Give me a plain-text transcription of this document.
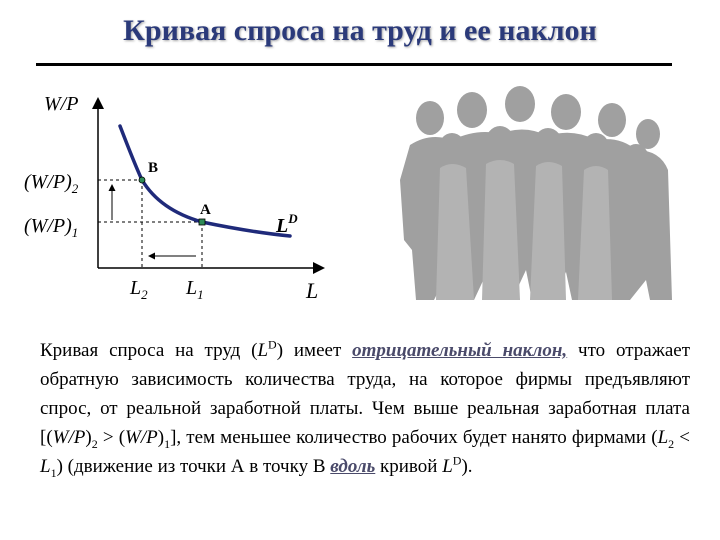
Кривая спроса на труд и ее наклон
W/P
$(W/P)_2$
$(W/P)_1$
$L_2$ $L_1$	L
B
A
$L^D$
Кривая спроса на труд $(L^D)$ имеет отрицательный наклон, что отражает обратную зависимость количества труда, на которое фирмы предъявляют спрос, от реальной заработной платы. Чем выше реальная заработная плата $[(W/P)_2 > (W/P)_1]$, тем меньшее количество рабочих будет нанято фирмами $(L_2 < L_1)$ (движение из точки А в точку В вдоль кривой $L^D$).
